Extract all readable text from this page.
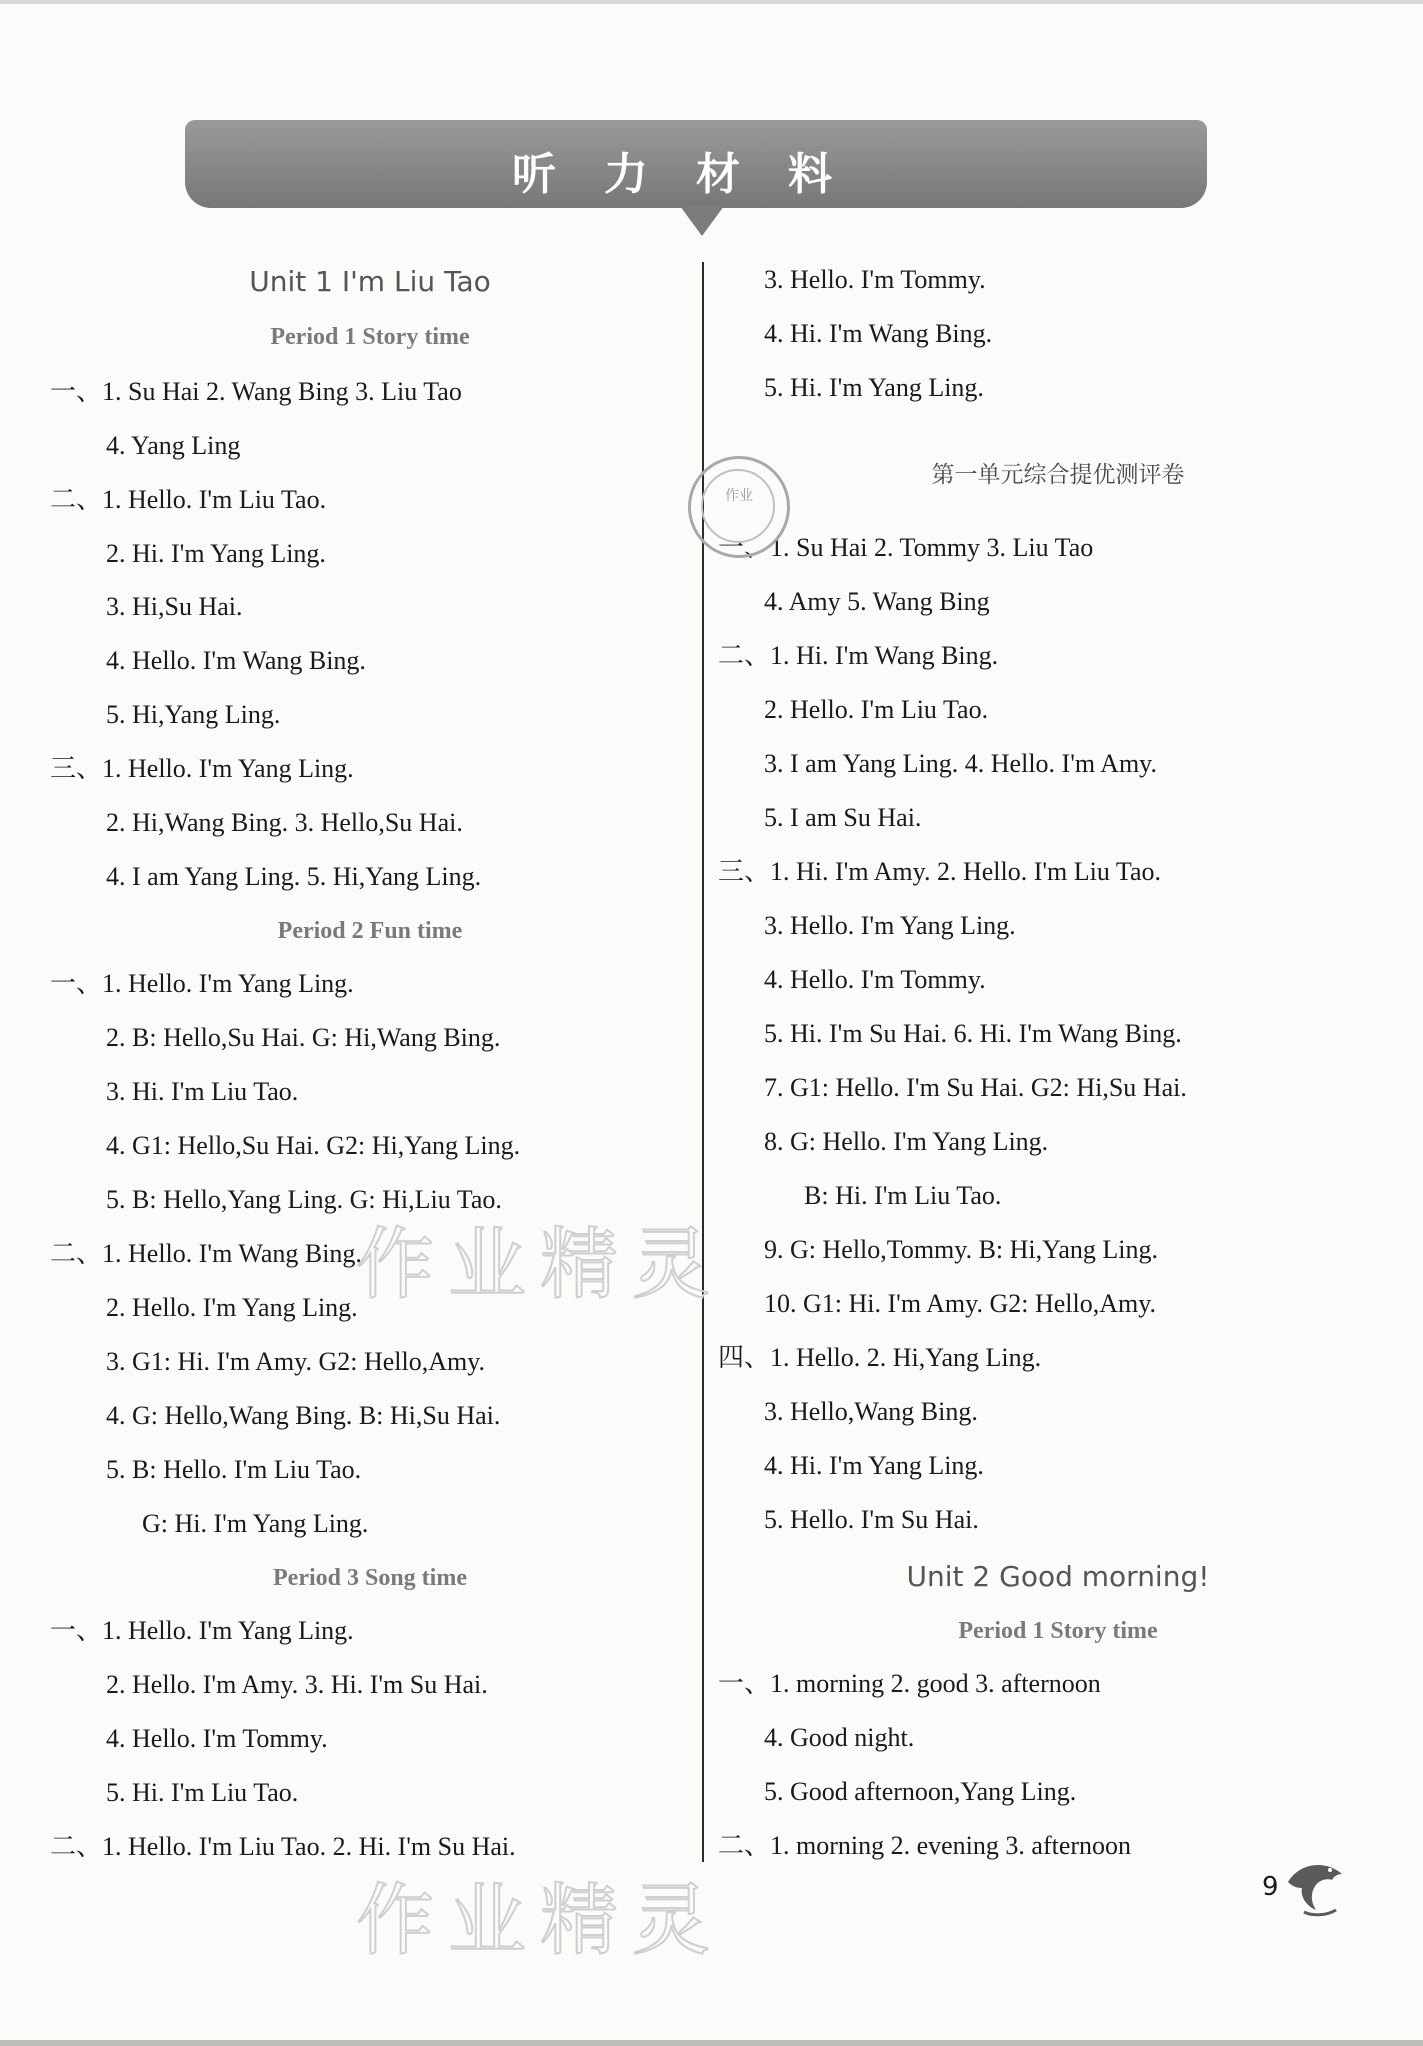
听力材料
Unit 1 I'm Liu Tao
Period 1 Story time
一、1. Su Hai 2. Wang Bing 3. Liu Tao
4. Yang Ling
二、1. Hello. I'm Liu Tao.
2. Hi. I'm Yang Ling.
3. Hi,Su Hai.
4. Hello. I'm Wang Bing.
5. Hi,Yang Ling.
三、1. Hello. I'm Yang Ling.
2. Hi,Wang Bing. 3. Hello,Su Hai.
4. I am Yang Ling. 5. Hi,Yang Ling.
Period 2 Fun time
一、1. Hello. I'm Yang Ling.
2. B: Hello,Su Hai. G: Hi,Wang Bing.
3. Hi. I'm Liu Tao.
4. G1: Hello,Su Hai. G2: Hi,Yang Ling.
5. B: Hello,Yang Ling. G: Hi,Liu Tao.
二、1. Hello. I'm Wang Bing.
2. Hello. I'm Yang Ling.
3. G1: Hi. I'm Amy. G2: Hello,Amy.
4. G: Hello,Wang Bing. B: Hi,Su Hai.
5. B: Hello. I'm Liu Tao.
G: Hi. I'm Yang Ling.
Period 3 Song time
一、1. Hello. I'm Yang Ling.
2. Hello. I'm Amy. 3. Hi. I'm Su Hai.
4. Hello. I'm Tommy.
5. Hi. I'm Liu Tao.
二、1. Hello. I'm Liu Tao. 2. Hi. I'm Su Hai.
3. Hello. I'm Tommy.
4. Hi. I'm Wang Bing.
5. Hi. I'm Yang Ling.
第一单元综合提优测评卷
一、1. Su Hai 2. Tommy 3. Liu Tao
4. Amy 5. Wang Bing
二、1. Hi. I'm Wang Bing.
2. Hello. I'm Liu Tao.
3. I am Yang Ling. 4. Hello. I'm Amy.
5. I am Su Hai.
三、1. Hi. I'm Amy. 2. Hello. I'm Liu Tao.
3. Hello. I'm Yang Ling.
4. Hello. I'm Tommy.
5. Hi. I'm Su Hai. 6. Hi. I'm Wang Bing.
7. G1: Hello. I'm Su Hai. G2: Hi,Su Hai.
8. G: Hello. I'm Yang Ling.
B: Hi. I'm Liu Tao.
9. G: Hello,Tommy. B: Hi,Yang Ling.
10. G1: Hi. I'm Amy. G2: Hello,Amy.
四、1. Hello. 2. Hi,Yang Ling.
3. Hello,Wang Bing.
4. Hi. I'm Yang Ling.
5. Hello. I'm Su Hai.
Unit 2 Good morning!
Period 1 Story time
一、1. morning 2. good 3. afternoon
4. Good night.
5. Good afternoon,Yang Ling.
二、1. morning 2. evening 3. afternoon
作业
作业精灵
作业精灵	9
